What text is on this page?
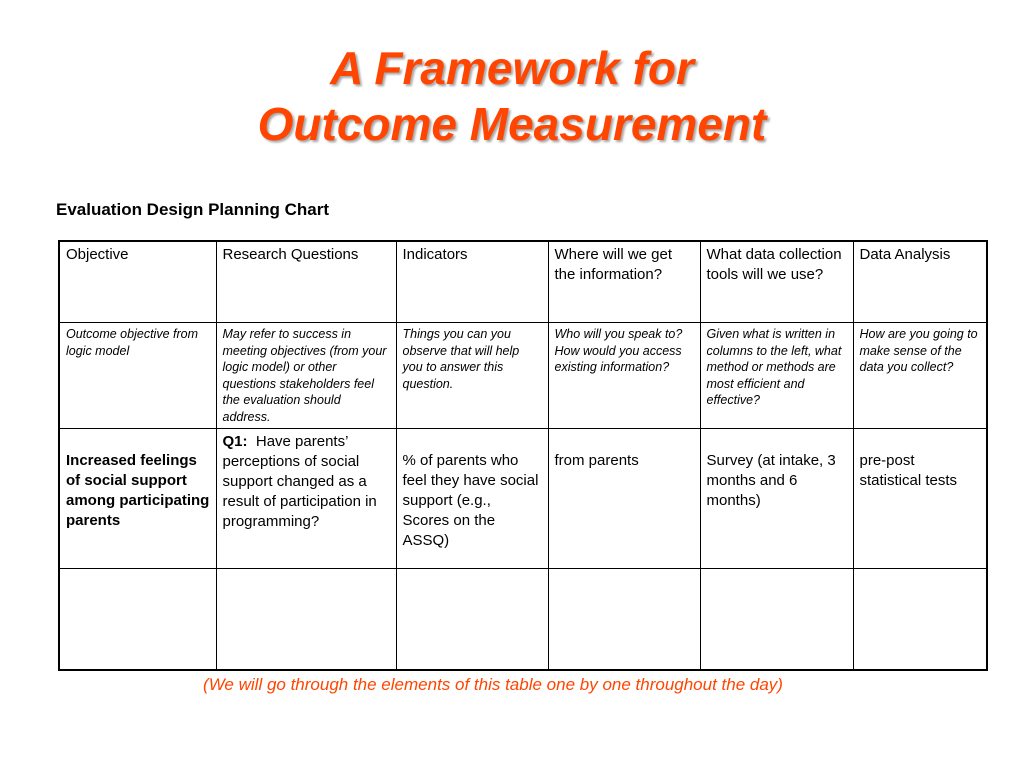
A Framework for
Outcome Measurement
Evaluation Design Planning Chart
Objective	Research Questions	Indicators	Where will we get the information?	What data collection tools will we use?	Data Analysis
Outcome objective from logic model	May refer to success in meeting objectives (from your logic model) or other questions stakeholders feel the evaluation should address.	Things you can you observe that will help you to answer this question.	Who will you speak to? How would you access existing information?	Given what is written in columns to the left, what method or methods are most efficient and effective?	How are you going to make sense of the data you collect?
Increased feelings of social support among participating parents	Q1: Have parents’ perceptions of social support changed as a result of participation in programming?	% of parents who feel they have social support (e.g., Scores on the ASSQ)	from parents	Survey (at intake, 3 months and 6 months)	pre-post statistical tests

(We will go through the elements of this table one by one throughout the day)
